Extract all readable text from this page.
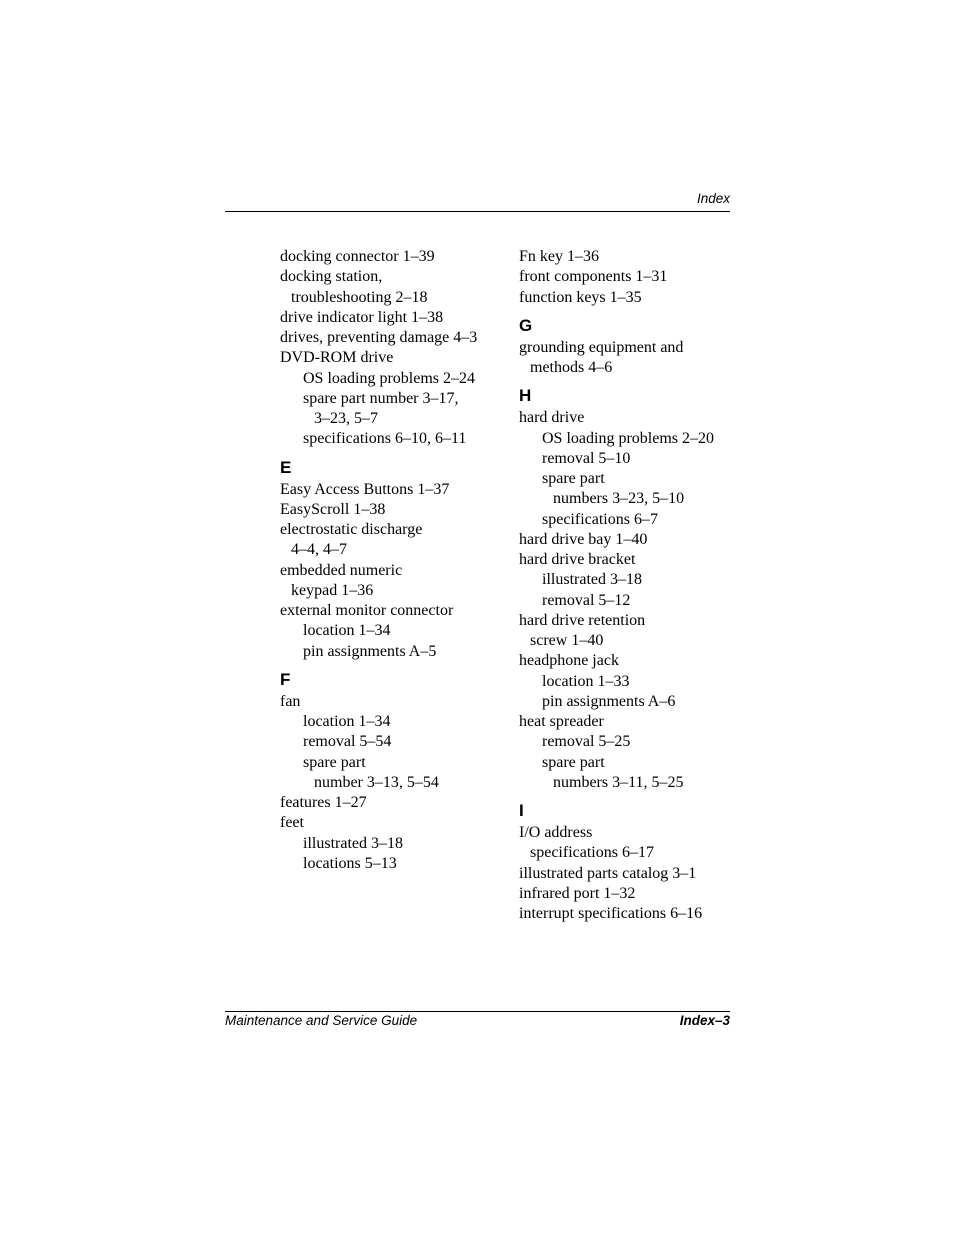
Index
docking connector 1–39
docking station,
troubleshooting 2–18
drive indicator light 1–38
drives, preventing damage 4–3
DVD-ROM drive
OS loading problems 2–24
spare part number 3–17,
3–23, 5–7
specifications 6–10, 6–11
E
Easy Access Buttons 1–37
EasyScroll 1–38
electrostatic discharge
4–4, 4–7
embedded numeric
keypad 1–36
external monitor connector
location 1–34
pin assignments A–5
F
fan
location 1–34
removal 5–54
spare part
number 3–13, 5–54
features 1–27
feet
illustrated 3–18
locations 5–13
Fn key 1–36
front components 1–31
function keys 1–35
G
grounding equipment and
methods 4–6
H
hard drive
OS loading problems 2–20
removal 5–10
spare part
numbers 3–23, 5–10
specifications 6–7
hard drive bay 1–40
hard drive bracket
illustrated 3–18
removal 5–12
hard drive retention
screw 1–40
headphone jack
location 1–33
pin assignments A–6
heat spreader
removal 5–25
spare part
numbers 3–11, 5–25
I
I/O address
specifications 6–17
illustrated parts catalog 3–1
infrared port 1–32
interrupt specifications 6–16
Maintenance and Service Guide	Index–3
